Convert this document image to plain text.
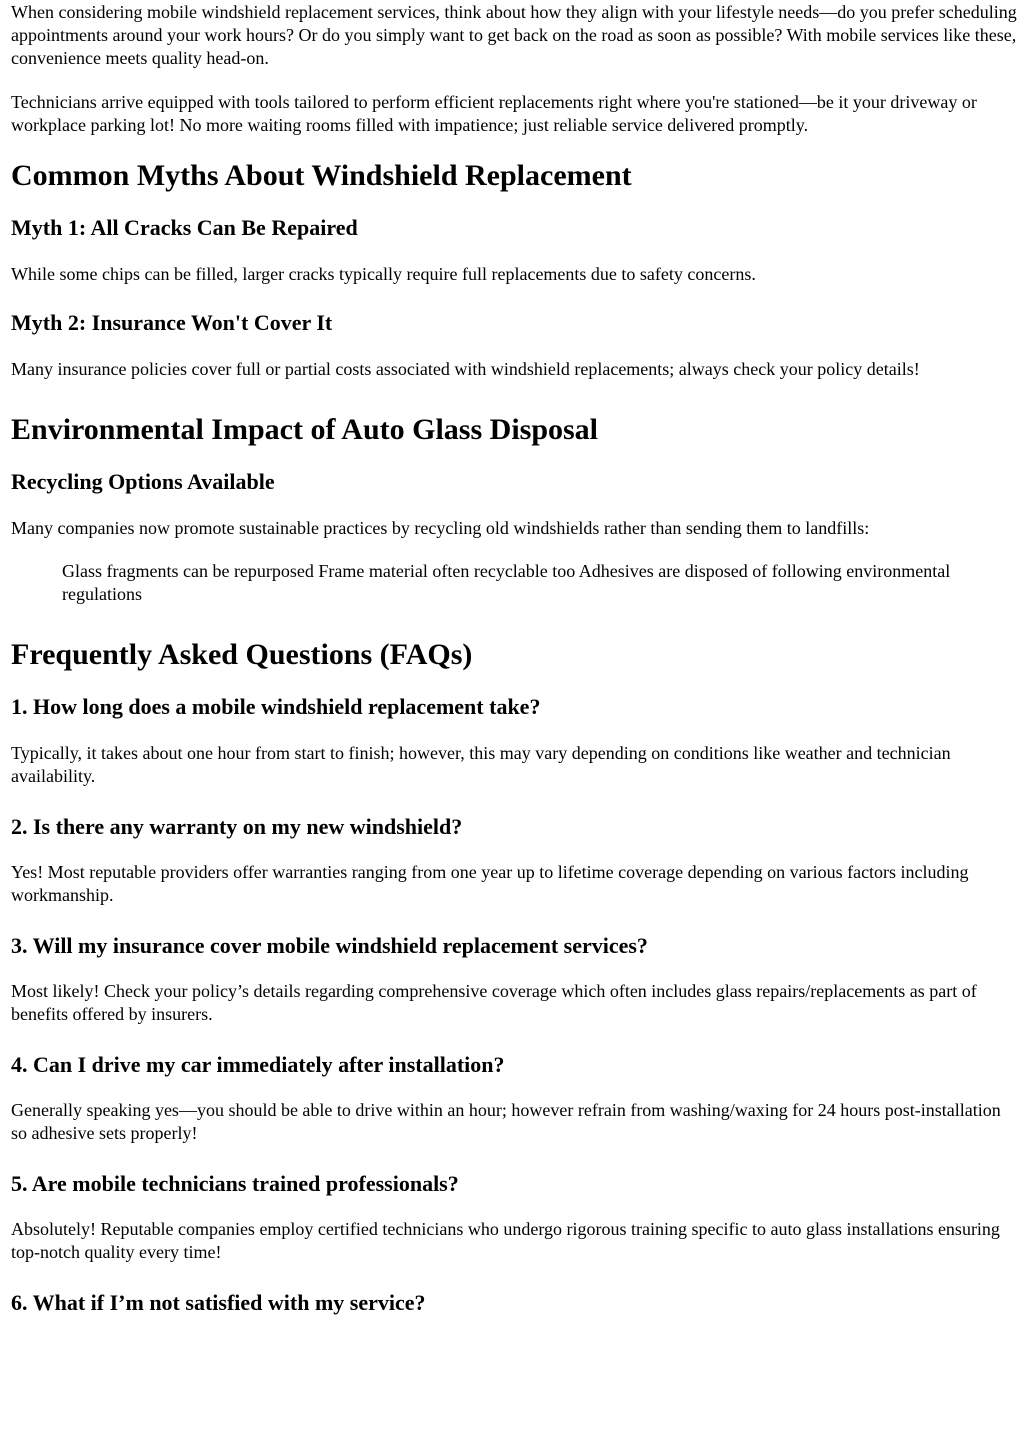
When considering mobile windshield replacement services, think about how they align with your lifestyle needs—do you prefer scheduling appointments around your work hours? Or do you simply want to get back on the road as soon as possible? With mobile services like these, convenience meets quality head-on.

Technicians arrive equipped with tools tailored to perform efficient replacements right where you're stationed—be it your driveway or workplace parking lot! No more waiting rooms filled with impatience; just reliable service delivered promptly.

Common Myths About Windshield Replacement
Myth 1: All Cracks Can Be Repaired

While some chips can be filled, larger cracks typically require full replacements due to safety concerns.

Myth 2: Insurance Won't Cover It

Many insurance policies cover full or partial costs associated with windshield replacements; always check your policy details!

Environmental Impact of Auto Glass Disposal
Recycling Options Available

Many companies now promote sustainable practices by recycling old windshields rather than sending them to landfills:

Glass fragments can be repurposed Frame material often recyclable too Adhesives are disposed of following environmental regulations

Frequently Asked Questions (FAQs)
1. How long does a mobile windshield replacement take?

Typically, it takes about one hour from start to finish; however, this may vary depending on conditions like weather and technician availability.

2. Is there any warranty on my new windshield?

Yes! Most reputable providers offer warranties ranging from one year up to lifetime coverage depending on various factors including workmanship.

3. Will my insurance cover mobile windshield replacement services?

Most likely! Check your policy’s details regarding comprehensive coverage which often includes glass repairs/replacements as part of benefits offered by insurers.

4. Can I drive my car immediately after installation?

Generally speaking yes—you should be able to drive within an hour; however refrain from washing/waxing for 24 hours post-installation so adhesive sets properly!

5. Are mobile technicians trained professionals?

Absolutely! Reputable companies employ certified technicians who undergo rigorous training specific to auto glass installations ensuring top-notch quality every time!

6. What if I’m not satisfied with my service?
